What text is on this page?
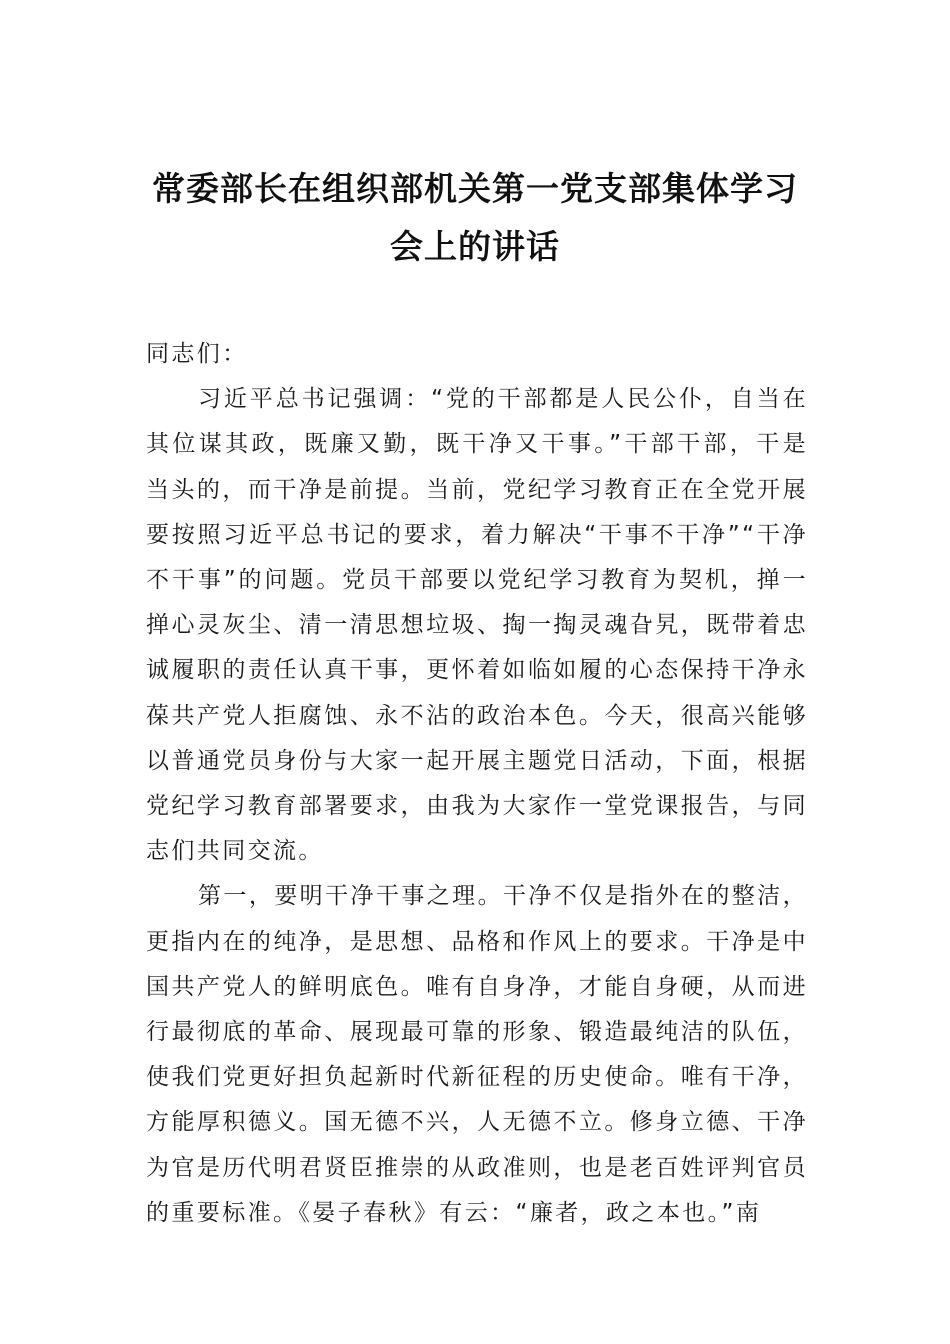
常委部长在组织部机关第一党支部集体学习会上的讲话

同志们：

习近平总书记强调：“党的干部都是人民公仆，自当在其位谋其政，既廉又勤，既干净又干事。”干部干部，干是当头的，而干净是前提。当前，党纪学习教育正在全党开展要按照习近平总书记的要求，着力解决“干事不干净”“干净不干事”的问题。党员干部要以党纪学习教育为契机，掸一掸心灵灰尘、清一清思想垃圾、掏一掏灵魂旮旯，既带着忠诚履职的责任认真干事，更怀着如临如履的心态保持干净永葆共产党人拒腐蚀、永不沾的政治本色。今天，很高兴能够以普通党员身份与大家一起开展主题党日活动，下面，根据党纪学习教育部署要求，由我为大家作一堂党课报告，与同志们共同交流。

第一，要明干净干事之理。干净不仅是指外在的整洁，更指内在的纯净，是思想、品格和作风上的要求。干净是中国共产党人的鲜明底色。唯有自身净，才能自身硬，从而进行最彻底的革命、展现最可靠的形象、锻造最纯洁的队伍，使我们党更好担负起新时代新征程的历史使命。唯有干净，方能厚积德义。国无德不兴，人无德不立。修身立德、干净为官是历代明君贤臣推崇的从政准则，也是老百姓评判官员的重要标准。《晏子春秋》有云：“廉者，政之本也。”南
